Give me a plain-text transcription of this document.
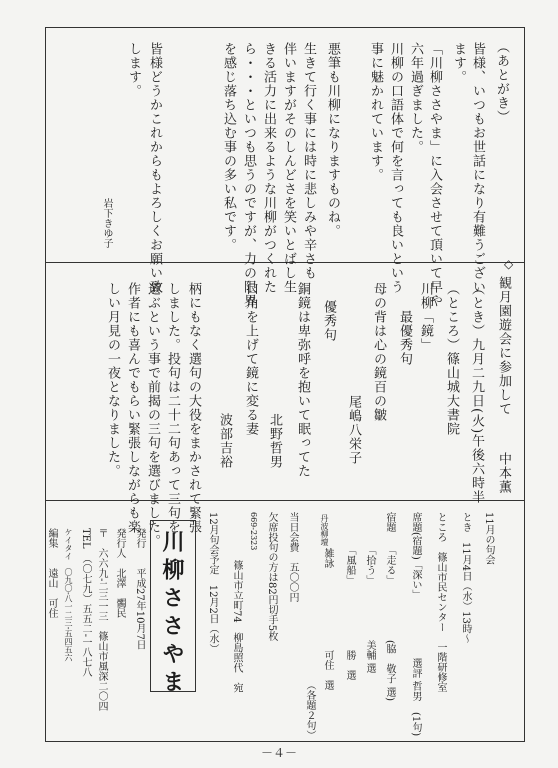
（あとがき）
皆様、いつもお世話になり有難うござい
ます。
「川柳ささやま」に入会させて頂いて早や
六年過ぎました。
川柳の口語体で何を言っても良いという
事に魅かれています。
悪筆も川柳になりますものね。
生きて行く事には時に悲しみや辛さも
伴いますがそのしんどさを笑いとばし生
きる活力に出来るような川柳がつくれた
ら・・・といつも思うのですが、力の限界
を感じ落ち込む事の多い私です。
皆様どうかこれからもよろしくお願い致
します。
岩下きゆ子
◇
観月園遊会に参加して
中本薫
（とき）九月二九日(火)午後六時半
（ところ）篠山城大書院
川柳「鏡」
最優秀句
母の背は心の鏡百の皺
尾嶋八栄子
優秀句
銅鏡は卑弥呼を抱いて眠ってた
北野哲男
口角を上げて鏡に変る妻
波部吉裕
柄にもなく選句の大役をまかされて緊張
しました。投句は二十二句あって三句を
選ぶという事で前揭の三句を選びました。
作者にも喜んでもらい緊張しながらも楽
しい月見の一夜となりました。
11月の句会
とき　11月4日（水）13時～
ところ　篠山市民センター　一階研修室
席題(宿題)「深い」
選評 哲男
(1句)
宿題
「走る」
(脇　敬子 選)
「拾う」
美輔 選
「風船」
勝　選
丹波柳壇
雑詠
可住　選
（各題２句）
当日会費　五〇〇円
欠席投句の方は82円切手5枚
669-2323
篠山市立町74　柳島照代　宛
12月句会予定　12月2日（水）
川柳ささやま
発行
平成27年10月7日
発行人
北澤　髑民
〒　六六九‐二三一三　篠山市風深二〇四
TEL　（〇七九）五五二‐一八七八
ケイタイ　〇九〇‐八一二三‐五四五六
編集
遠山　可住
－４－
